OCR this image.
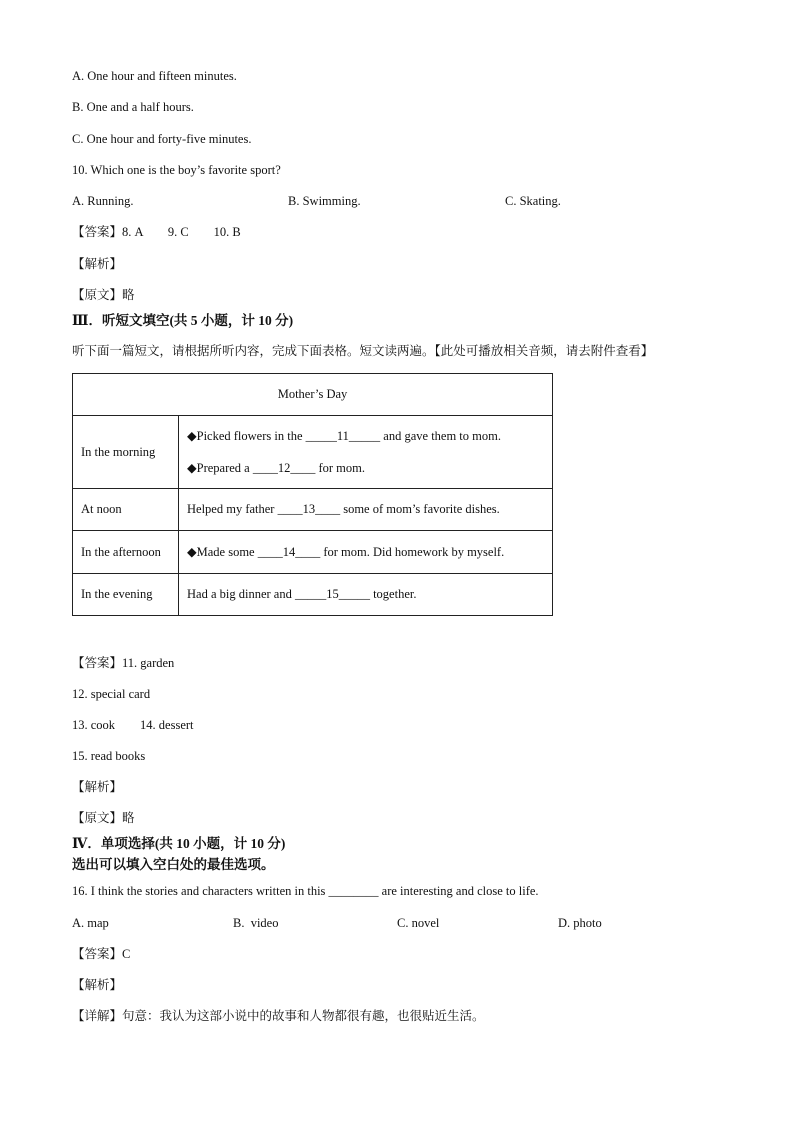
A. One hour and fifteen minutes.
B. One and a half hours.
C. One hour and forty-five minutes.
10. Which one is the boy’s favorite sport?
A. Running.	B. Swimming.	C. Skating.
【答案】8. A        9. C        10. B
【解析】
【原文】略
Ⅲ．听短文填空(共 5 小题，计 10 分)
听下面一篇短文，请根据所听内容，完成下面表格。短文读两遍。【此处可播放相关音频，请去附件查看】
Mother’s Day	
In the morning	◆Picked flowers in the _____11_____ and gave them to mom.
◆Prepared a ____12____ for mom.

At noon	Helped my father ____13____ some of mom’s favorite dishes.
In the afternoon	◆Made some ____14____ for mom. Did homework by myself.
In the evening	Had a big dinner and _____15_____ together.
【答案】11. garden
12. special card
13. cook        14. dessert
15. read books
【解析】
【原文】略
Ⅳ．单项选择(共 10 小题，计 10 分)
选出可以填入空白处的最佳选项。
16. I think the stories and characters written in this ________ are interesting and close to life.
A. map	B.  video	C. novel	D. photo
【答案】C
【解析】
【详解】句意：我认为这部小说中的故事和人物都很有趣，也很贴近生活。
